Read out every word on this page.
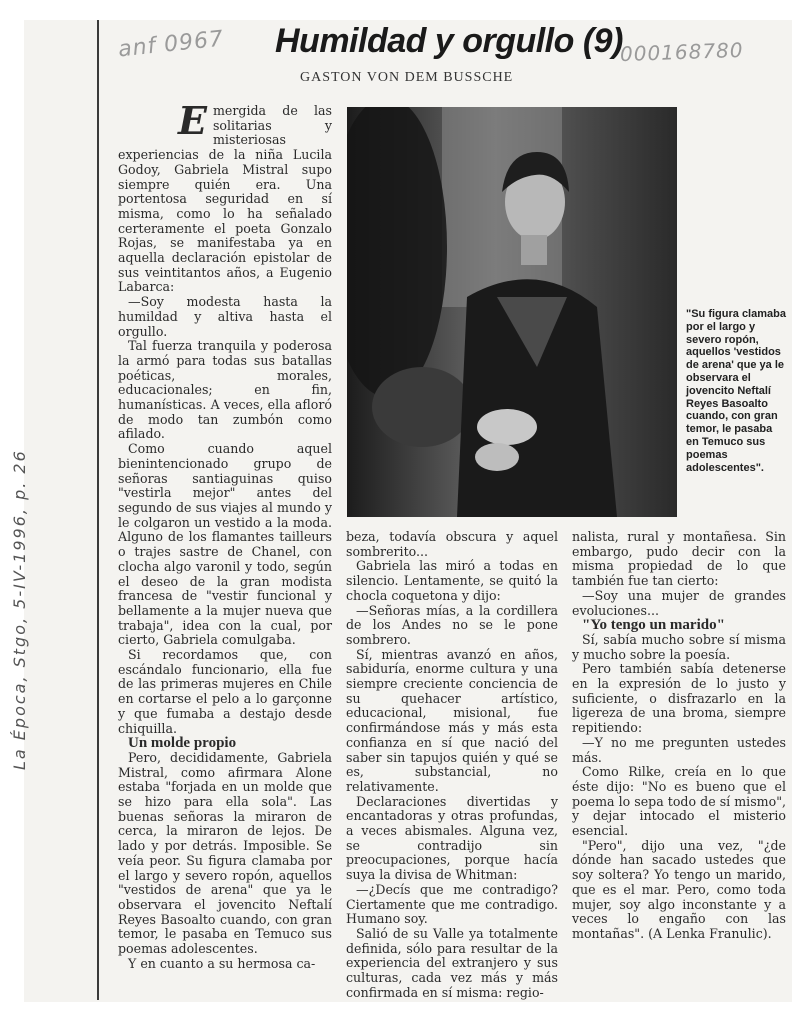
anf 0967	000168780
La Época, Stgo, 5-IV-1996, p. 26
Humildad y orgullo (9)
GASTON VON DEM BUSSCHE

Emergida de las solitarias y misteriosas experiencias de la niña Lucila Godoy, Gabriela Mistral supo siempre quién era. Una portentosa seguridad en sí misma, como lo ha señalado certeramente el poeta Gonzalo Rojas, se manifestaba ya en aquella declaración epistolar de sus veintitantos años, a Eugenio Labarca:

—Soy modesta hasta la humildad y altiva hasta el orgullo.

Tal fuerza tranquila y poderosa la armó para todas sus batallas poéticas, morales, educacionales; en fin, humanísticas. A veces, ella afloró de modo tan zumbón como afilado.

Como cuando aquel bienintencionado grupo de señoras santiaguinas quiso "vestirla mejor" antes del segundo de sus viajes al mundo y le colgaron un vestido a la moda. Alguno de los flamantes tailleurs o trajes sastre de Chanel, con clocha algo varonil y todo, según el deseo de la gran modista francesa de "vestir funcional y bellamente a la mujer nueva que trabaja", idea con la cual, por cierto, Gabriela comulgaba.

Si recordamos que, con escándalo funcionario, ella fue de las primeras mujeres en Chile en cortarse el pelo a lo garçonne y que fumaba a destajo desde chiquilla.

Un molde propio

Pero, decididamente, Gabriela Mistral, como afirmara Alone estaba "forjada en un molde que se hizo para ella sola". Las buenas señoras la miraron de cerca, la miraron de lejos. De lado y por detrás. Imposible. Se veía peor. Su figura clamaba por el largo y severo ropón, aquellos "vestidos de arena" que ya le observara el jovencito Neftalí Reyes Basoalto cuando, con gran temor, le pasaba en Temuco sus poemas adolescentes.

Y en cuanto a su hermosa ca-

"Su figura clamaba por el largo y severo ropón, aquellos 'vestidos de arena' que ya le observara el jovencito Neftalí Reyes Basoalto cuando, con gran temor, le pasaba en Temuco sus poemas adolescentes".

beza, todavía obscura y aquel sombrerito...

Gabriela las miró a todas en silencio. Lentamente, se quitó la chocla coquetona y dijo:

—Señoras mías, a la cordillera de los Andes no se le pone sombrero.

Sí, mientras avanzó en años, sabiduría, enorme cultura y una siempre creciente conciencia de su quehacer artístico, educacional, misional, fue confirmándose más y más esta confianza en sí que nació del saber sin tapujos quién y qué se es, substancial, no relativamente.

Declaraciones divertidas y encantadoras y otras profundas, a veces abismales. Alguna vez, se contradijo sin preocupaciones, porque hacía suya la divisa de Whitman:

—¿Decís que me contradigo? Ciertamente que me contradigo. Humano soy.

Salió de su Valle ya totalmente definida, sólo para resultar de la experiencia del extranjero y sus culturas, cada vez más y más confirmada en sí misma: regio-

nalista, rural y montañesa. Sin embargo, pudo decir con la misma propiedad de lo que también fue tan cierto:

—Soy una mujer de grandes evoluciones...

"Yo tengo un marido"

Sí, sabía mucho sobre sí misma y mucho sobre la poesía.

Pero también sabía detenerse en la expresión de lo justo y suficiente, o disfrazarlo en la ligereza de una broma, siempre repitiendo:

—Y no me pregunten ustedes más.

Como Rilke, creía en lo que éste dijo: "No es bueno que el poema lo sepa todo de sí mismo", y dejar intocado el misterio esencial.

"Pero", dijo una vez, "¿de dónde han sacado ustedes que soy soltera? Yo tengo un marido, que es el mar. Pero, como toda mujer, soy algo inconstante y a veces lo engaño con las montañas". (A Lenka Franulic).
